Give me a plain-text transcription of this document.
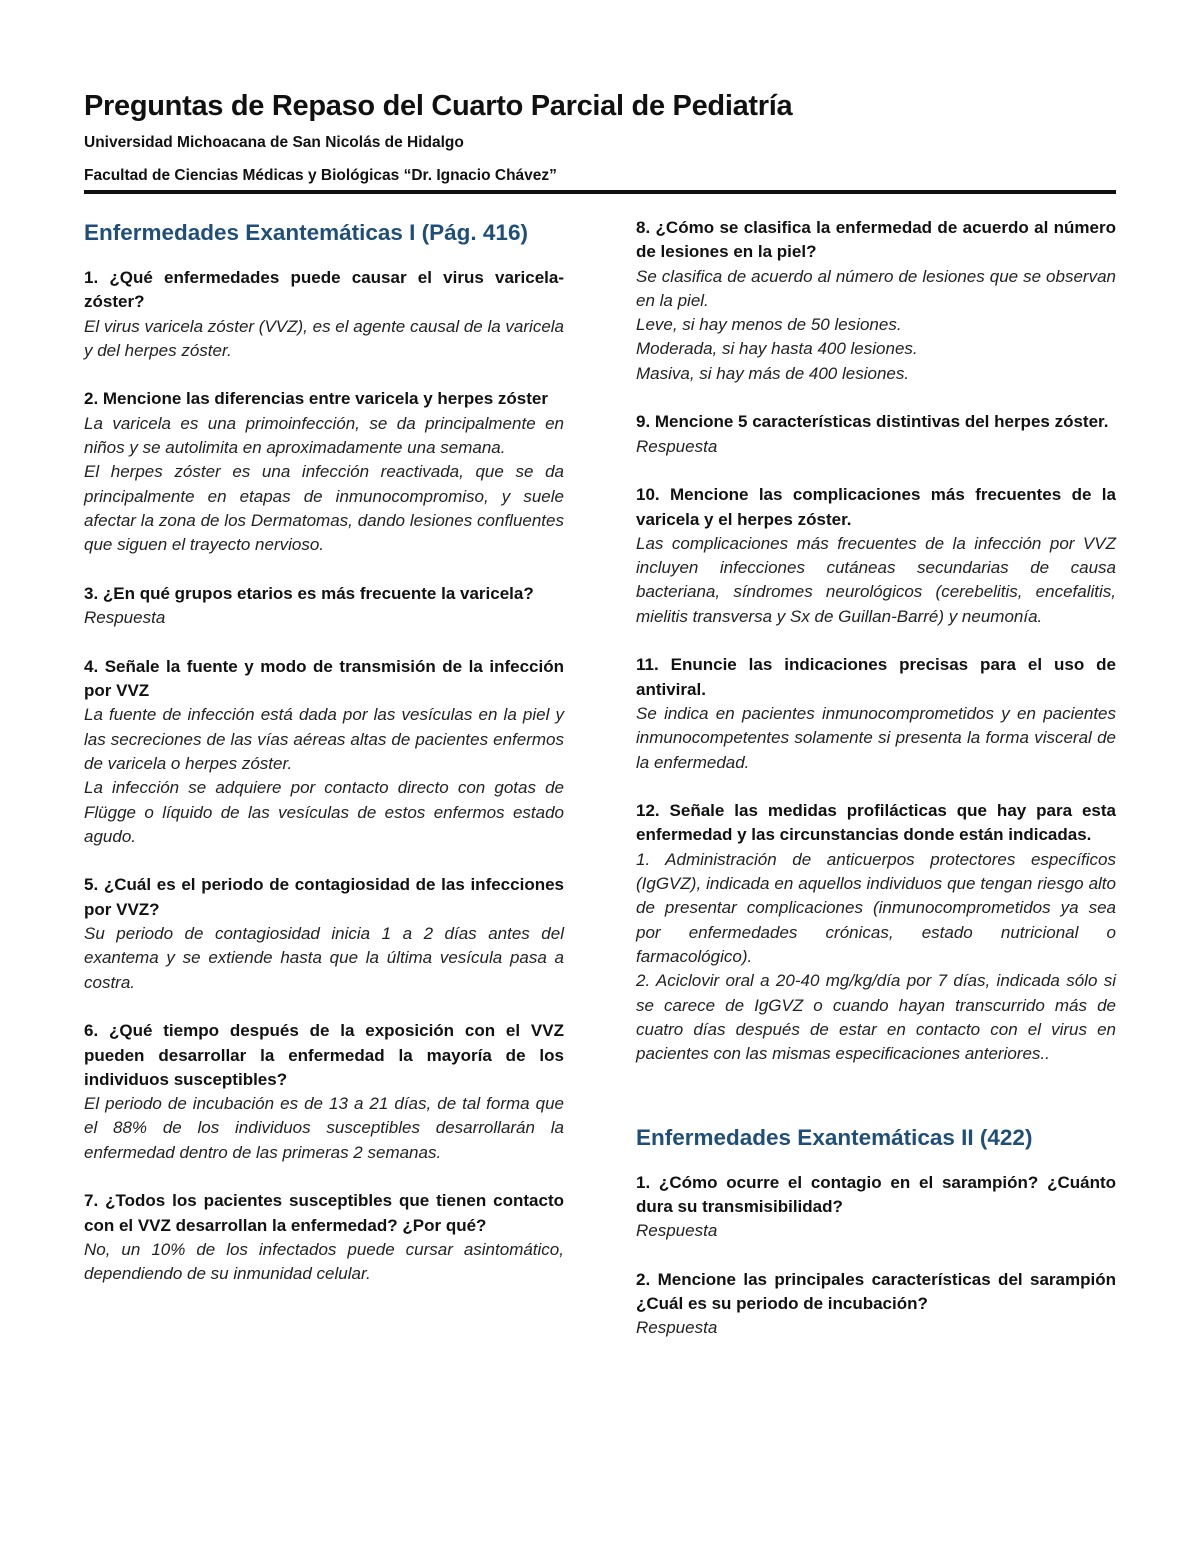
Preguntas de Repaso del Cuarto Parcial de Pediatría

Universidad Michoacana de San Nicolás de Hidalgo

Facultad de Ciencias Médicas y Biológicas “Dr. Ignacio Chávez”

Enfermedades Exantemáticas I (Pág. 416)

1. ¿Qué enfermedades puede causar el virus varicela-zóster?

El virus varicela zóster (VVZ), es el agente causal de la varicela y del herpes zóster.

2. Mencione las diferencias entre varicela y herpes zóster

La varicela es una primoinfección, se da principalmente en niños y se autolimita en aproximadamente una semana.

El herpes zóster es una infección reactivada, que se da principalmente en etapas de inmunocompromiso, y suele afectar la zona de los Dermatomas, dando lesiones confluentes que siguen el trayecto nervioso.

3. ¿En qué grupos etarios es más frecuente la varicela?

Respuesta

4. Señale la fuente y modo de transmisión de la infección por VVZ

La fuente de infección está dada por las vesículas en la piel y las secreciones de las vías aéreas altas de pacientes enfermos de varicela o herpes zóster.

La infección se adquiere por contacto directo con gotas de Flügge o líquido de las vesículas de estos enfermos estado agudo.

5. ¿Cuál es el periodo de contagiosidad de las infecciones por VVZ?

Su periodo de contagiosidad inicia 1 a 2 días antes del exantema y se extiende hasta que la última vesícula pasa a costra.

6. ¿Qué tiempo después de la exposición con el VVZ pueden desarrollar la enfermedad la mayoría de los individuos susceptibles?

El periodo de incubación es de 13 a 21 días, de tal forma que el 88% de los individuos susceptibles desarrollarán la enfermedad dentro de las primeras 2 semanas.

7. ¿Todos los pacientes susceptibles que tienen contacto con el VVZ desarrollan la enfermedad? ¿Por qué?

No, un 10% de los infectados puede cursar asintomático, dependiendo de su inmunidad celular.

8. ¿Cómo se clasifica la enfermedad de acuerdo al número de lesiones en la piel?

Se clasifica de acuerdo al número de lesiones que se observan en la piel.

Leve, si hay menos de 50 lesiones.

Moderada, si hay hasta 400 lesiones.

Masiva, si hay más de 400 lesiones.

9. Mencione 5 características distintivas del herpes zóster.

Respuesta

10. Mencione las complicaciones más frecuentes de la varicela y el herpes zóster.

Las complicaciones más frecuentes de la infección por VVZ incluyen infecciones cutáneas secundarias de causa bacteriana, síndromes neurológicos (cerebelitis, encefalitis, mielitis transversa y Sx de Guillan-Barré) y neumonía.

11. Enuncie las indicaciones precisas para el uso de antiviral.

Se indica en pacientes inmunocomprometidos y en pacientes inmunocompetentes solamente si presenta la forma visceral de la enfermedad.

12. Señale las medidas profilácticas que hay para esta enfermedad y las circunstancias donde están indicadas.

1. Administración de anticuerpos protectores específicos (IgGVZ), indicada en aquellos individuos que tengan riesgo alto de presentar complicaciones (inmunocomprometidos ya sea por enfermedades crónicas, estado nutricional o farmacológico).

2. Aciclovir oral a 20-40 mg/kg/día por 7 días, indicada sólo si se carece de IgGVZ o cuando hayan transcurrido más de cuatro días después de estar en contacto con el virus en pacientes con las mismas especificaciones anteriores..

Enfermedades Exantemáticas II (422)

1. ¿Cómo ocurre el contagio en el sarampión? ¿Cuánto dura su transmisibilidad?

Respuesta

2. Mencione las principales características del sarampión ¿Cuál es su periodo de incubación?

Respuesta
